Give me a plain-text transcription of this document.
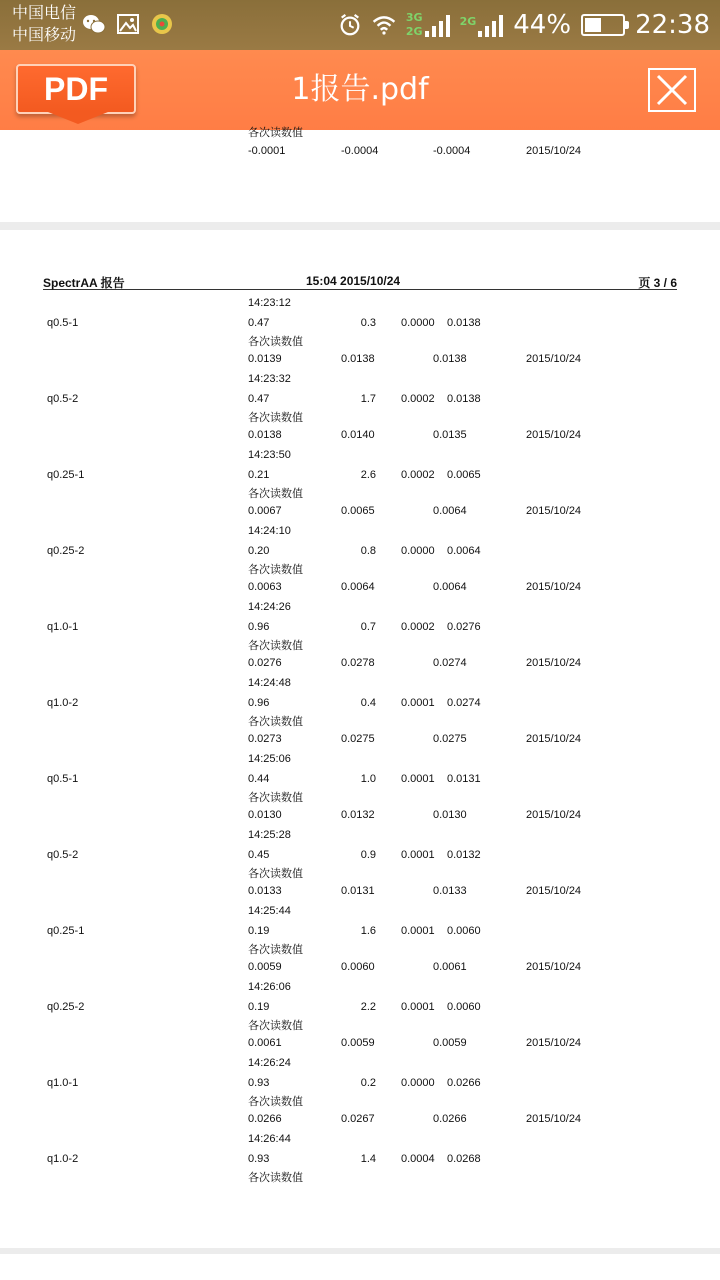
中国电信
中国移动
3G
2G
2G 44% 22:38
1报告.pdf
PDF
各次读数值
-0.0001	-0.0004	-0.0004	2015/10/24
SpectrAA 报告	15:04 2015/10/24	页 3 / 6
14:23:12
q0.5-1	0.47	0.3 0.0000 0.0138
各次读数值
0.0139	0.0138	0.0138	2015/10/24
14:23:32
q0.5-2	0.47	1.7 0.0002 0.0138
各次读数值
0.0138	0.0140	0.0135	2015/10/24
14:23:50
q0.25-1	0.21	2.6 0.0002 0.0065
各次读数值
0.0067	0.0065	0.0064	2015/10/24
14:24:10
q0.25-2	0.20	0.8 0.0000 0.0064
各次读数值
0.0063	0.0064	0.0064	2015/10/24
14:24:26
q1.0-1	0.96	0.7 0.0002 0.0276
各次读数值
0.0276	0.0278	0.0274	2015/10/24
14:24:48
q1.0-2	0.96	0.4 0.0001 0.0274
各次读数值
0.0273	0.0275	0.0275	2015/10/24
14:25:06
q0.5-1	0.44	1.0 0.0001 0.0131
各次读数值
0.0130	0.0132	0.0130	2015/10/24
14:25:28
q0.5-2	0.45	0.9 0.0001 0.0132
各次读数值
0.0133	0.0131	0.0133	2015/10/24
14:25:44
q0.25-1	0.19	1.6 0.0001 0.0060
各次读数值
0.0059	0.0060	0.0061	2015/10/24
14:26:06
q0.25-2	0.19	2.2 0.0001 0.0060
各次读数值
0.0061	0.0059	0.0059	2015/10/24
14:26:24
q1.0-1	0.93	0.2 0.0000 0.0266
各次读数值
0.0266	0.0267	0.0266	2015/10/24
14:26:44
q1.0-2	0.93	1.4 0.0004 0.0268
各次读数值
